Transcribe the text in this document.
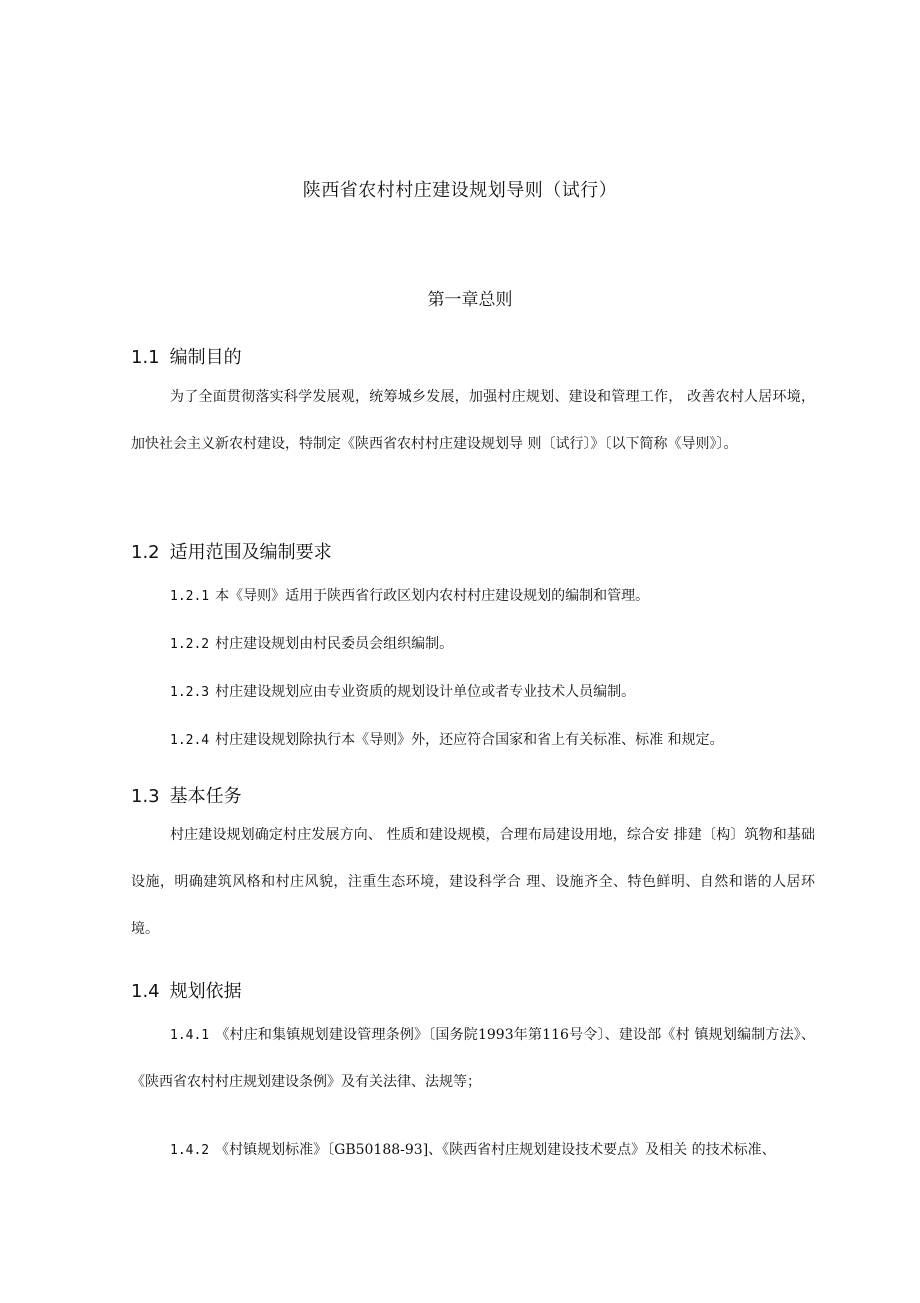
陕西省农村村庄建设规划导则（试行）
第一章总则
1.1 编制目的
为了全面贯彻落实科学发展观，统筹城乡发展，加强村庄规划、建设和管理工作， 改善农村人居环境，加快社会主义新农村建设，特制定《陕西省农村村庄建设规划导 则〔试行〕》〔以下简称《导则》〕。
1.2 适用范围及编制要求
1.2.1 本《导则》适用于陕西省行政区划内农村村庄建设规划的编制和管理。
1.2.2 村庄建设规划由村民委员会组织编制。
1.2.3 村庄建设规划应由专业资质的规划设计单位或者专业技术人员编制。
1.2.4 村庄建设规划除执行本《导则》外，还应符合国家和省上有关标准、标准 和规定。
1.3 基本任务
村庄建设规划确定村庄发展方向、 性质和建设规模，合理布局建设用地，综合安 排建〔构〕筑物和基础设施，明确建筑风格和村庄风貌，注重生态环境，建设科学合 理、设施齐全、特色鲜明、自然和谐的人居环境。
1.4 规划依据
1.4.1 《村庄和集镇规划建设管理条例》〔国务院1993年第116号令〕、建设部《村 镇规划编制方法》、《陕西省农村村庄规划建设条例》及有关法律、法规等；
1.4.2 《村镇规划标准》〔GB50188-93]、《陕西省村庄规划建设技术要点》及相关 的技术标准、
